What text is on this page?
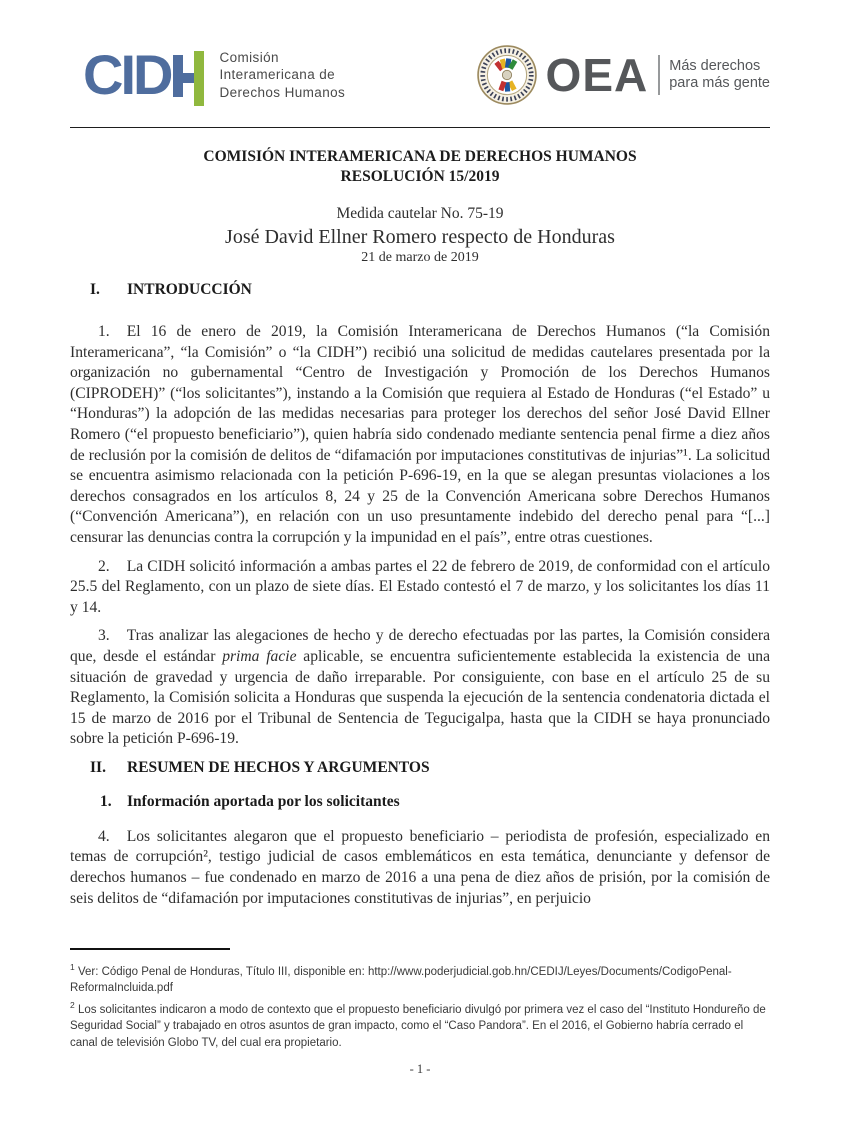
CID	Comisión
Interamericana de
Derechos Humanos	OEA Más derechos
para más gente
COMISIÓN INTERAMERICANA DE DERECHOS HUMANOS
RESOLUCIÓN 15/2019
Medida cautelar No. 75-19
José David Ellner Romero respecto de Honduras
21 de marzo de 2019
I. INTRODUCCIÓN

1. El 16 de enero de 2019, la Comisión Interamericana de Derechos Humanos (“la Comisión Interamericana”, “la Comisión” o “la CIDH”) recibió una solicitud de medidas cautelares presentada por la organización no gubernamental “Centro de Investigación y Promoción de los Derechos Humanos (CIPRODEH)” (“los solicitantes”), instando a la Comisión que requiera al Estado de Honduras (“el Estado” u “Honduras”) la adopción de las medidas necesarias para proteger los derechos del señor José David Ellner Romero (“el propuesto beneficiario”), quien habría sido condenado mediante sentencia penal firme a diez años de reclusión por la comisión de delitos de “difamación por imputaciones constitutivas de injurias”¹. La solicitud se encuentra asimismo relacionada con la petición P-696-19, en la que se alegan presuntas violaciones a los derechos consagrados en los artículos 8, 24 y 25 de la Convención Americana sobre Derechos Humanos (“Convención Americana”), en relación con un uso presuntamente indebido del derecho penal para “[...] censurar las denuncias contra la corrupción y la impunidad en el país”, entre otras cuestiones.

2. La CIDH solicitó información a ambas partes el 22 de febrero de 2019, de conformidad con el artículo 25.5 del Reglamento, con un plazo de siete días. El Estado contestó el 7 de marzo, y los solicitantes los días 11 y 14.

3. Tras analizar las alegaciones de hecho y de derecho efectuadas por las partes, la Comisión considera que, desde el estándar prima facie aplicable, se encuentra suficientemente establecida la existencia de una situación de gravedad y urgencia de daño irreparable. Por consiguiente, con base en el artículo 25 de su Reglamento, la Comisión solicita a Honduras que suspenda la ejecución de la sentencia condenatoria dictada el 15 de marzo de 2016 por el Tribunal de Sentencia de Tegucigalpa, hasta que la CIDH se haya pronunciado sobre la petición P-696-19.

II. RESUMEN DE HECHOS Y ARGUMENTOS
1. Información aportada por los solicitantes

4. Los solicitantes alegaron que el propuesto beneficiario – periodista de profesión, especializado en temas de corrupción², testigo judicial de casos emblemáticos en esta temática, denunciante y defensor de derechos humanos – fue condenado en marzo de 2016 a una pena de diez años de prisión, por la comisión de seis delitos de “difamación por imputaciones constitutivas de injurias”, en perjuicio

$^1$ Ver: Código Penal de Honduras, Título III, disponible en: http://www.poderjudicial.gob.hn/CEDIJ/Leyes/Documents/CodigoPenal-ReformaIncluida.pdf
$^2$ Los solicitantes indicaron a modo de contexto que el propuesto beneficiario divulgó por primera vez el caso del “Instituto Hondureño de Seguridad Social” y trabajado en otros asuntos de gran impacto, como el “Caso Pandora”. En el 2016, el Gobierno habría cerrado el canal de televisión Globo TV, del cual era propietario.
- 1 -
